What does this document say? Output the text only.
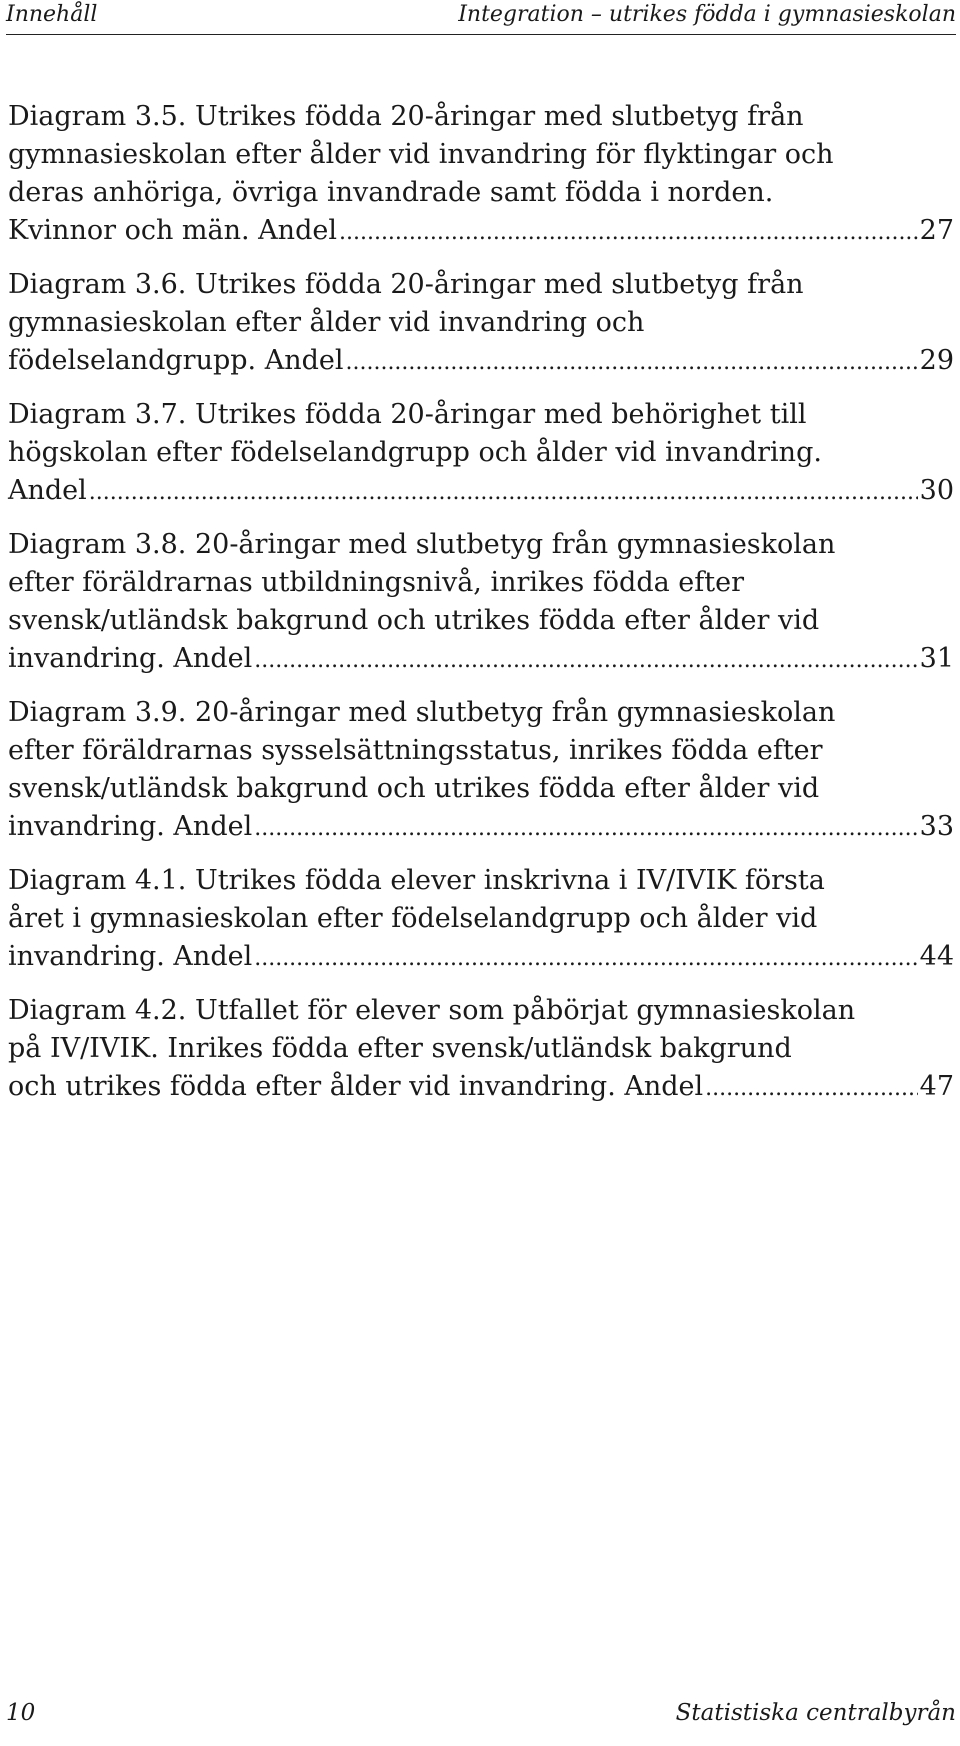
Innehåll	Integration – utrikes födda i gymnasieskolan
Diagram 3.5. Utrikes födda 20-åringar med slutbetyg från
gymnasieskolan efter ålder vid invandring för flyktingar och
deras anhöriga, övriga invandrade samt födda i norden.
Kvinnor och män. Andel .....	27
Diagram 3.6. Utrikes födda 20-åringar med slutbetyg från
gymnasieskolan efter ålder vid invandring och
födelselandgrupp. Andel .....	29
Diagram 3.7. Utrikes födda 20-åringar med behörighet till
högskolan efter födelselandgrupp och ålder vid invandring.
Andel .....	30
Diagram 3.8. 20-åringar med slutbetyg från gymnasieskolan
efter föräldrarnas utbildningsnivå, inrikes födda efter
svensk/utländsk bakgrund och utrikes födda efter ålder vid
invandring. Andel .....	31
Diagram 3.9. 20-åringar med slutbetyg från gymnasieskolan
efter föräldrarnas sysselsättningsstatus, inrikes födda efter
svensk/utländsk bakgrund och utrikes födda efter ålder vid
invandring. Andel .....	33
Diagram 4.1. Utrikes födda elever inskrivna i IV/IVIK första
året i gymnasieskolan efter födelselandgrupp och ålder vid
invandring. Andel .....	44
Diagram 4.2. Utfallet för elever som påbörjat gymnasieskolan
på IV/IVIK. Inrikes födda efter svensk/utländsk bakgrund
och utrikes födda efter ålder vid invandring. Andel .....	47
10	Statistiska centralbyrån
